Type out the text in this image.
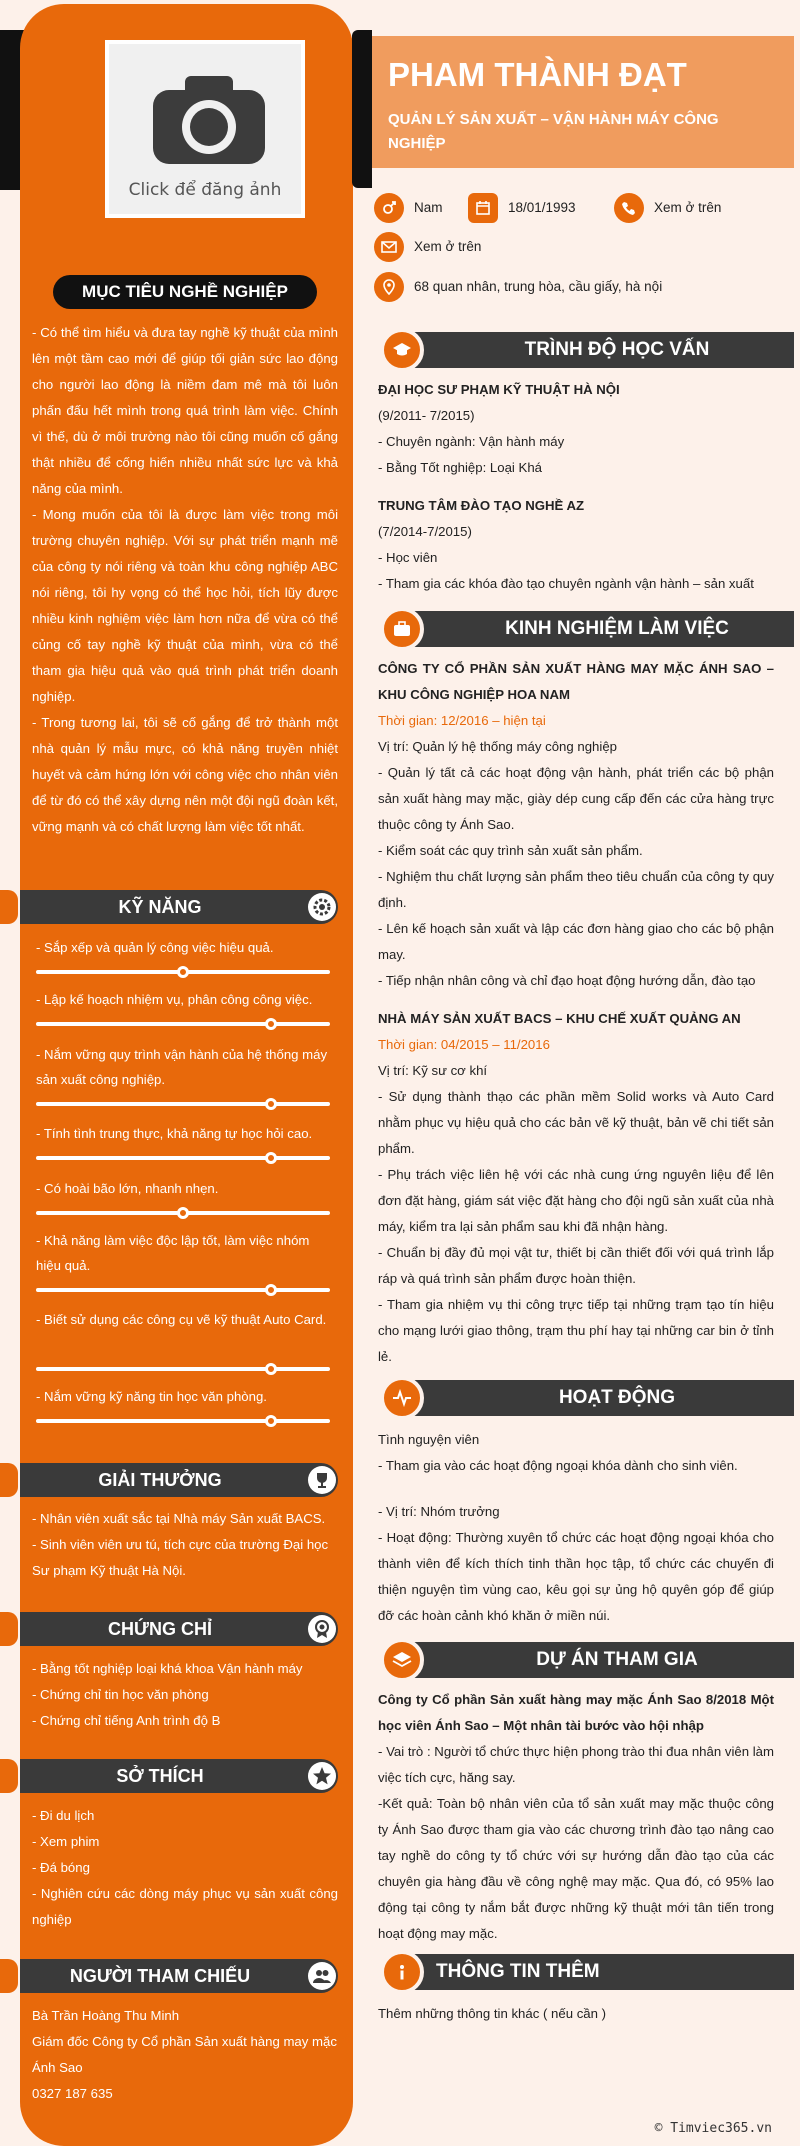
Click để đăng ảnh
MỤC TIÊU NGHỀ NGHIỆP
- Có thể tìm hiểu và đưa tay nghề kỹ thuật của mình lên một tầm cao mới để giúp tối giản sức lao động cho người lao động là niềm đam mê mà tôi luôn phấn đấu hết mình trong quá trình làm việc. Chính vì thế, dù ở môi trường nào tôi cũng muốn cố gắng thật nhiều để cống hiến nhiều nhất sức lực và khả năng của mình.
- Mong muốn của tôi là được làm việc trong môi trường chuyên nghiệp. Với sự phát triển mạnh mẽ của công ty nói riêng và toàn khu công nghiệp ABC nói riêng, tôi hy vọng có thể học hỏi, tích lũy được nhiều kinh nghiệm việc làm hơn nữa để vừa có thể củng cố tay nghề kỹ thuật của mình, vừa có thể tham gia hiệu quả vào quá trình phát triển doanh nghiệp.
- Trong tương lai, tôi sẽ cố gắng để trở thành một nhà quản lý mẫu mực, có khả năng truyền nhiệt huyết và cảm hứng lớn với công việc cho nhân viên để từ đó có thể xây dựng nên một đội ngũ đoàn kết, vững mạnh và có chất lượng làm việc tốt nhất.
KỸ NĂNG
- Sắp xếp và quản lý công việc hiệu quả.
- Lập kế hoạch nhiệm vụ, phân công công việc.
- Nắm vững quy trình vận hành của hệ thống máy sản xuất công nghiệp.
- Tính tình trung thực, khả năng tự học hỏi cao.
- Có hoài bão lớn, nhanh nhẹn.
- Khả năng làm việc độc lập tốt, làm việc nhóm hiệu quả.
- Biết sử dụng các công cụ vẽ kỹ thuật Auto Card.
- Nắm vững kỹ năng tin học văn phòng.
GIẢI THƯỞNG
- Nhân viên xuất sắc tại Nhà máy Sản xuất BACS.
- Sinh viên viên ưu tú, tích cực của trường Đại học Sư phạm Kỹ thuật Hà Nội.
CHỨNG CHỈ
- Bằng tốt nghiệp loại khá khoa Vận hành máy
- Chứng chỉ tin học văn phòng
- Chứng chỉ tiếng Anh trình độ B
SỞ THÍCH
- Đi du lịch
- Xem phim
- Đá bóng
- Nghiên cứu các dòng máy phục vụ sản xuất công nghiệp
NGƯỜI THAM CHIẾU
Bà Trần Hoàng Thu Minh
Giám đốc Công ty Cổ phần Sản xuất hàng may mặc Ánh Sao
0327 187 635
PHAM THÀNH ĐẠT
QUẢN LÝ SẢN XUẤT – VẬN HÀNH MÁY CÔNG NGHIỆP
Nam	18/01/1993	Xem ở trên
Xem ở trên
68 quan nhân, trung hòa, cầu giấy, hà nội
TRÌNH ĐỘ HỌC VẤN
ĐẠI HỌC SƯ PHẠM KỸ THUẬT HÀ NỘI
(9/2011- 7/2015)
- Chuyên ngành: Vận hành máy
- Bằng Tốt nghiệp: Loại Khá
TRUNG TÂM ĐÀO TẠO NGHỀ AZ
(7/2014-7/2015)
- Học viên
- Tham gia các khóa đào tạo chuyên ngành vận hành – sản xuất
KINH NGHIỆM LÀM VIỆC
CÔNG TY CỔ PHẦN SẢN XUẤT HÀNG MAY MẶC ÁNH SAO – KHU CÔNG NGHIỆP HOA NAM
Thời gian: 12/2016 – hiện tại
Vị trí: Quản lý hệ thống máy công nghiệp
- Quản lý tất cả các hoạt động vận hành, phát triển các bộ phận sản xuất hàng may mặc, giày dép cung cấp đến các cửa hàng trực thuộc công ty Ánh Sao.
- Kiểm soát các quy trình sản xuất sản phẩm.
- Nghiệm thu chất lượng sản phẩm theo tiêu chuẩn của công ty quy định.
- Lên kế hoạch sản xuất và lập các đơn hàng giao cho các bộ phận may.
- Tiếp nhận nhân công và chỉ đạo hoạt động hướng dẫn, đào tạo
NHÀ MÁY SẢN XUẤT BACS – KHU CHẾ XUẤT QUẢNG AN
Thời gian: 04/2015 – 11/2016
Vị trí: Kỹ sư cơ khí
- Sử dụng thành thạo các phần mềm Solid works và Auto Card nhằm phục vụ hiệu quả cho các bản vẽ kỹ thuật, bản vẽ chi tiết sản phẩm.
- Phụ trách việc liên hệ với các nhà cung ứng nguyên liệu để lên đơn đặt hàng, giám sát việc đặt hàng cho đội ngũ sản xuất của nhà máy, kiểm tra lại sản phẩm sau khi đã nhận hàng.
- Chuẩn bị đầy đủ mọi vật tư, thiết bị cần thiết đối với quá trình lắp ráp và quá trình sản phẩm được hoàn thiện.
- Tham gia nhiệm vụ thi công trực tiếp tại những trạm tạo tín hiệu cho mạng lưới giao thông, trạm thu phí hay tại những car bin ở tỉnh lẻ.
HOẠT ĐỘNG
Tình nguyện viên
- Tham gia vào các hoạt động ngoại khóa dành cho sinh viên.
- Vị trí: Nhóm trưởng
- Hoạt động: Thường xuyên tổ chức các hoạt động ngoại khóa cho thành viên để kích thích tinh thần học tập, tổ chức các chuyến đi thiện nguyện tìm vùng cao, kêu gọi sự ủng hộ quyên góp để giúp đỡ các hoàn cảnh khó khăn ở miền núi.
DỰ ÁN THAM GIA
Công ty Cổ phần Sản xuất hàng may mặc Ánh Sao 8/2018 Một học viên Ánh Sao – Một nhân tài bước vào hội nhập
- Vai trò : Người tổ chức thực hiện phong trào thi đua nhân viên làm việc tích cực, hăng say.
-Kết quả: Toàn bộ nhân viên của tổ sản xuất may mặc thuộc công ty Ánh Sao được tham gia vào các chương trình đào tạo nâng cao tay nghề do công ty tổ chức với sự hướng dẫn đào tạo của các chuyên gia hàng đầu về công nghệ may mặc. Qua đó, có 95% lao động tại công ty nắm bắt được những kỹ thuật mới tân tiến trong hoạt động may mặc.
THÔNG TIN THÊM
Thêm những thông tin khác ( nếu cần )
© Timviec365.vn
